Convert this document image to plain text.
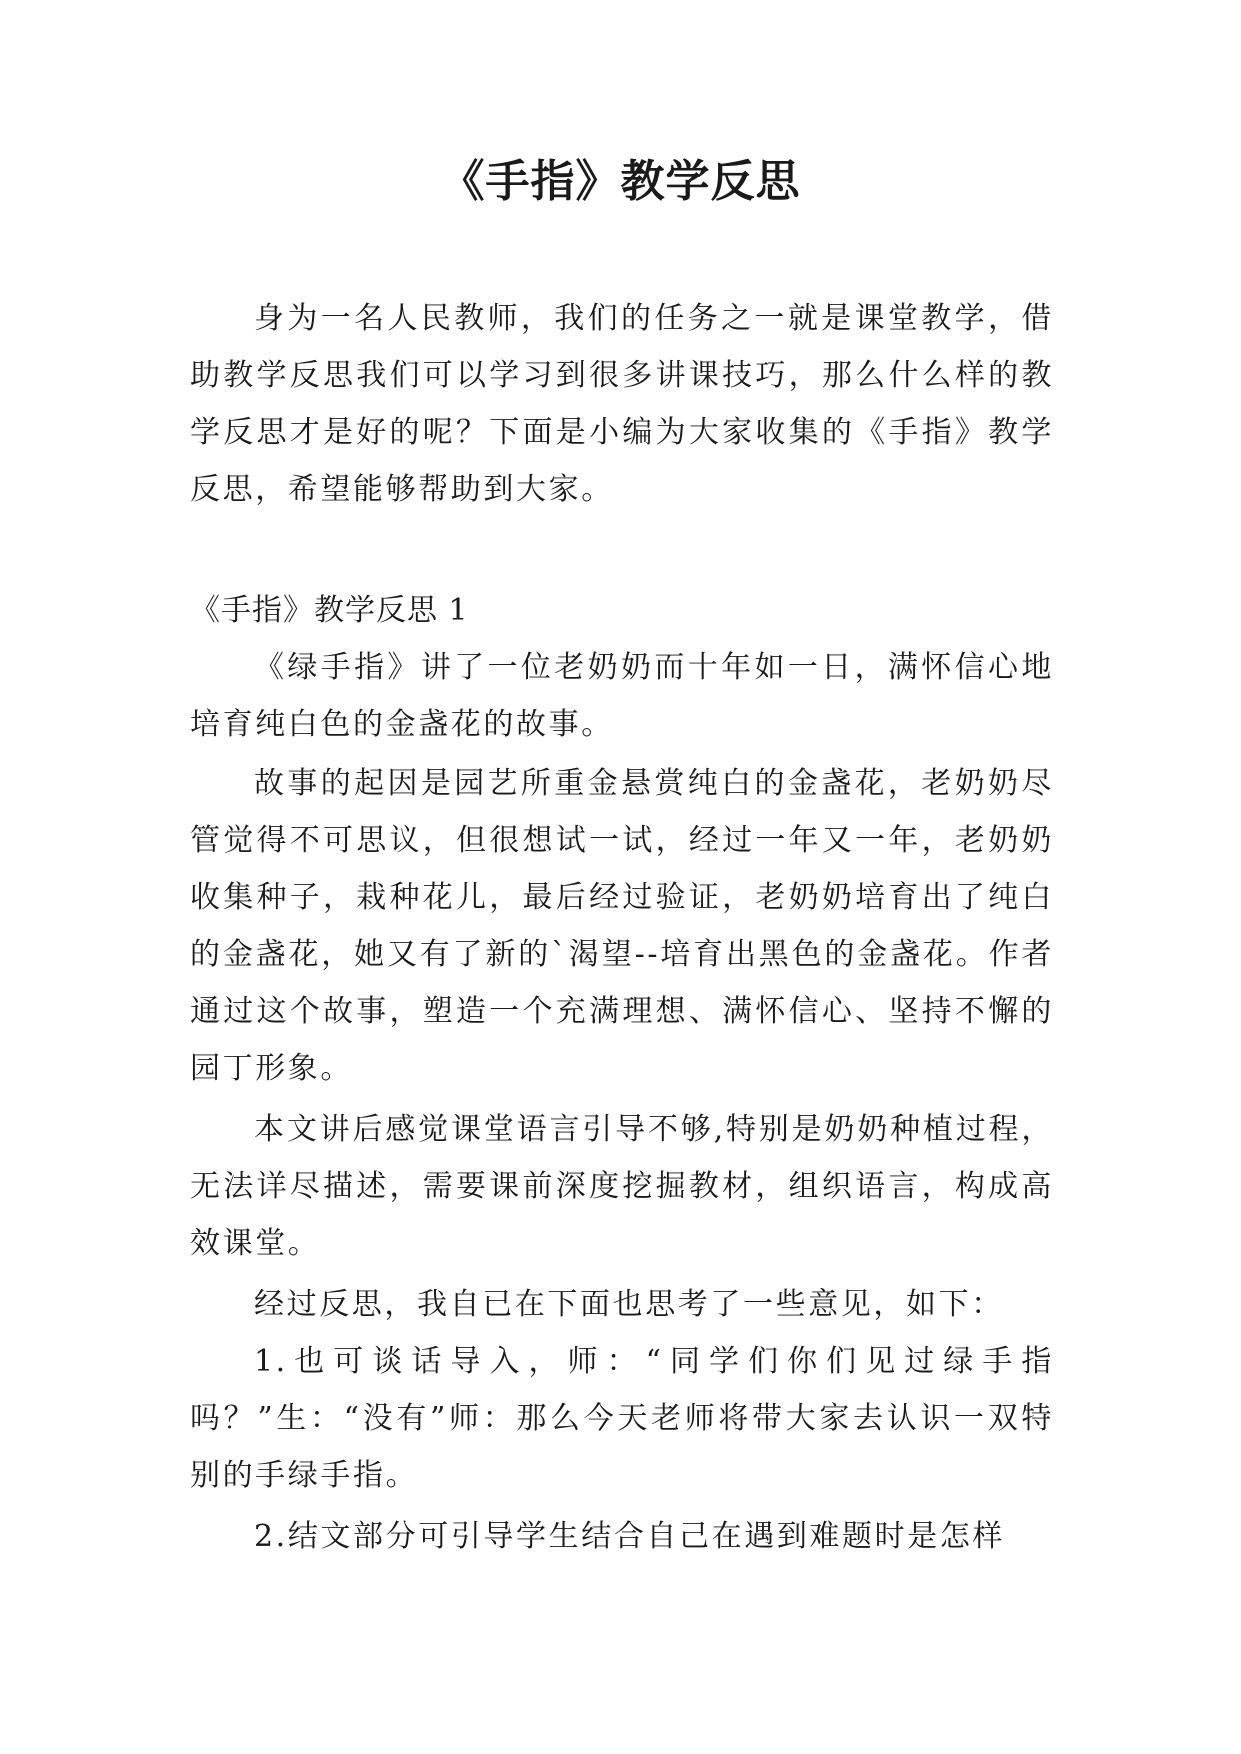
《手指》教学反思

身为一名人民教师，我们的任务之一就是课堂教学，借助教学反思我们可以学习到很多讲课技巧，那么什么样的教学反思才是好的呢？下面是小编为大家收集的《手指》教学反思，希望能够帮助到大家。

《手指》教学反思 1

《绿手指》讲了一位老奶奶而十年如一日，满怀信心地培育纯白色的金盏花的故事。

故事的起因是园艺所重金悬赏纯白的金盏花，老奶奶尽管觉得不可思议，但很想试一试，经过一年又一年，老奶奶收集种子，栽种花儿，最后经过验证，老奶奶培育出了纯白的金盏花，她又有了新的`渴望--培育出黑色的金盏花。作者通过这个故事，塑造一个充满理想、满怀信心、坚持不懈的园丁形象。

本文讲后感觉课堂语言引导不够,特别是奶奶种植过程，无法详尽描述，需要课前深度挖掘教材，组织语言，构成高效课堂。

经过反思，我自已在下面也思考了一些意见，如下：

1.也可谈话导入，师：“同学们你们见过绿手指吗？”生：“没有”师：那么今天老师将带大家去认识一双特别的手绿手指。

2.结文部分可引导学生结合自己在遇到难题时是怎样
